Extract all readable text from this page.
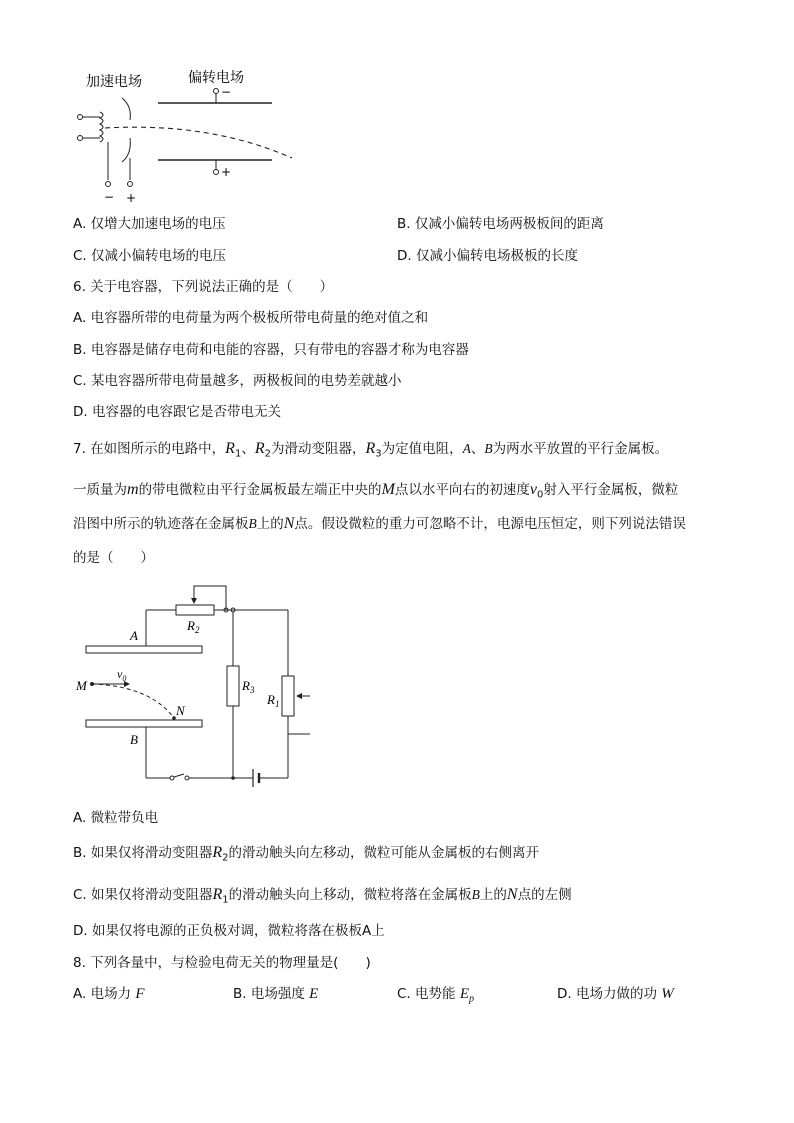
加速电场	偏转电场
−
+
− +
A. 仅增大加速电场的电压	B. 仅减小偏转电场两极板间的距离
C. 仅减小偏转电场的电压	D. 仅减小偏转电场极板的长度
6. 关于电容器，下列说法正确的是（　　）
A. 电容器所带的电荷量为两个极板所带电荷量的绝对值之和
B. 电容器是储存电荷和电能的容器，只有带电的容器才称为电容器
C. 某电容器所带电荷量越多，两极板间的电势差就越小
D. 电容器的电容跟它是否带电无关
7. 在如图所示的电路中，$R_1$、$R_2$为滑动变阻器，$R_3$为定值电阻，A、B为两水平放置的平行金属板。
一质量为m的带电微粒由平行金属板最左端正中央的M点以水平向右的初速度$v_0$射入平行金属板，微粒
沿图中所示的轨迹落在金属板B上的N点。假设微粒的重力可忽略不计，电源电压恒定，则下列说法错误
的是（　　）
$R_2$
A
B
M
$v_0$
N
$R_3$
$R_1$
A. 微粒带负电
B. 如果仅将滑动变阻器$R_2$的滑动触头向左移动，微粒可能从金属板的右侧离开
C. 如果仅将滑动变阻器$R_1$的滑动触头向上移动，微粒将落在金属板B上的N点的左侧
D. 如果仅将电源的正负极对调，微粒将落在极板A上
8. 下列各量中，与检验电荷无关的物理量是(　　)
A. 电场力 F	B. 电场强度 E	C. 电势能 $E_p$	D. 电场力做的功 W
